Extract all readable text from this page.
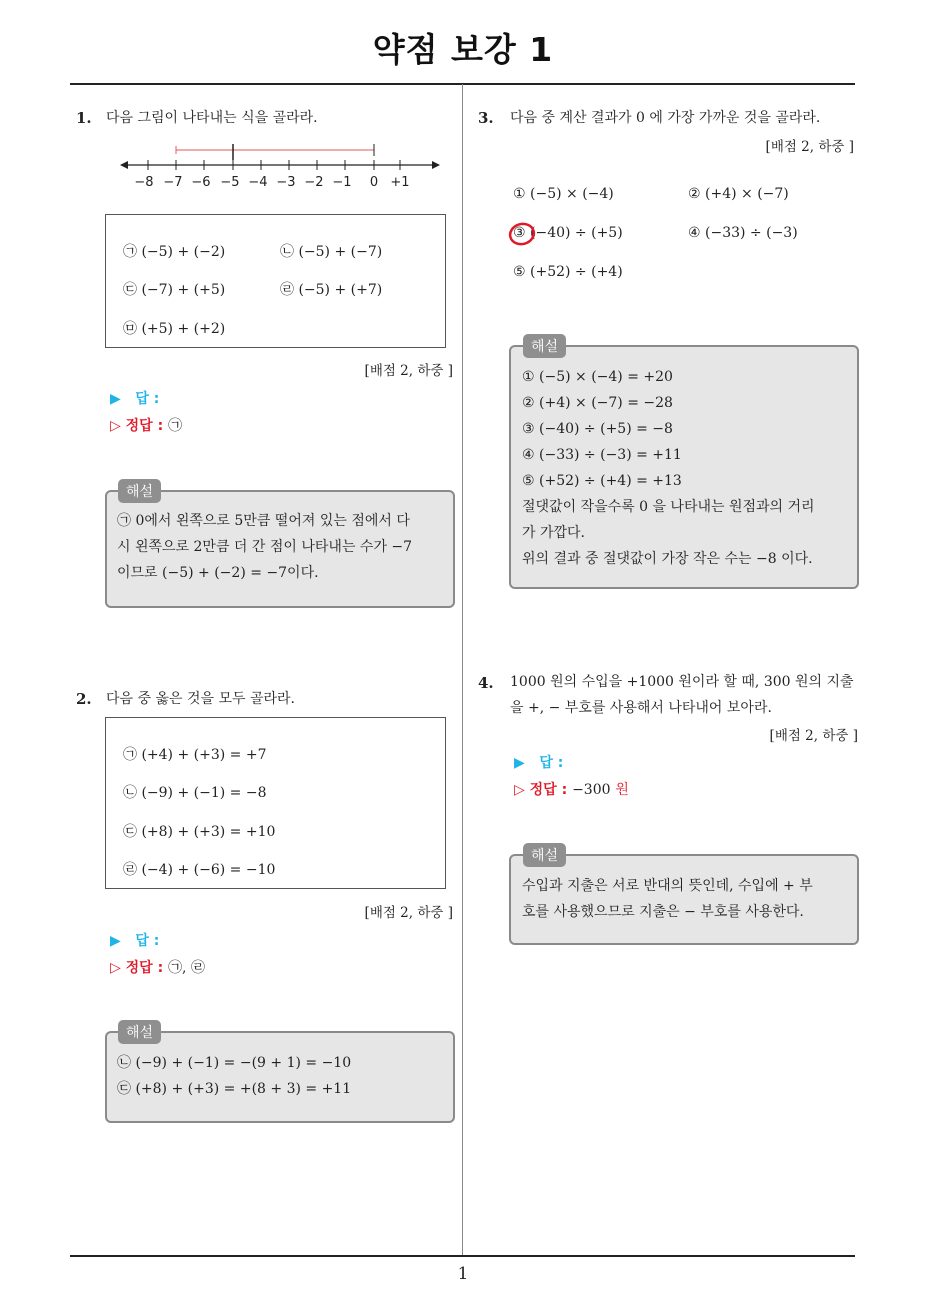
약점 보강 1
1. 다음 그림이 나타내는 식을 골라라.
−8 −7 −6 −5 −4 −3 −2 −1 0 +1
㉠ (−5) + (−2)	㉡ (−5) + (−7)
㉢ (−7) + (+5)	㉣ (−5) + (+7)
㉤ (+5) + (+2)
[배점 2, 하중 ]
▶ 답 :
▷ 정답 : ㉠
해설
㉠ 0에서 왼쪽으로 5만큼 떨어져 있는 점에서 다
시 왼쪽으로 2만큼 더 간 점이 나타내는 수가 −7
이므로 (−5) + (−2) = −7이다.
2. 다음 중 옳은 것을 모두 골라라.
㉠ (+4) + (+3) = +7
㉡ (−9) + (−1) = −8
㉢ (+8) + (+3) = +10
㉣ (−4) + (−6) = −10
[배점 2, 하중 ]
▶ 답 :
▷ 정답 : ㉠, ㉣
해설
㉡ (−9) + (−1) = −(9 + 1) = −10
㉢ (+8) + (+3) = +(8 + 3) = +11
3. 다음 중 계산 결과가 0 에 가장 가까운 것을 골라라.
[배점 2, 하중 ]
① (−5) × (−4)	② (+4) × (−7)
③ (−40) ÷ (+5)	④ (−33) ÷ (−3)
⑤ (+52) ÷ (+4)
해설
① (−5) × (−4) = +20
② (+4) × (−7) = −28
③ (−40) ÷ (+5) = −8
④ (−33) ÷ (−3) = +11
⑤ (+52) ÷ (+4) = +13
절댓값이 작을수록 0 을 나타내는 원점과의 거리
가 가깝다.
위의 결과 중 절댓값이 가장 작은 수는 −8 이다.
4. 1000 원의 수입을 +1000 원이라 할 때, 300 원의 지출
을 +, − 부호를 사용해서 나타내어 보아라.
[배점 2, 하중 ]
▶ 답 :
▷ 정답 : −300 원
해설
수입과 지출은 서로 반대의 뜻인데, 수입에 + 부
호를 사용했으므로 지출은 − 부호를 사용한다.
1
